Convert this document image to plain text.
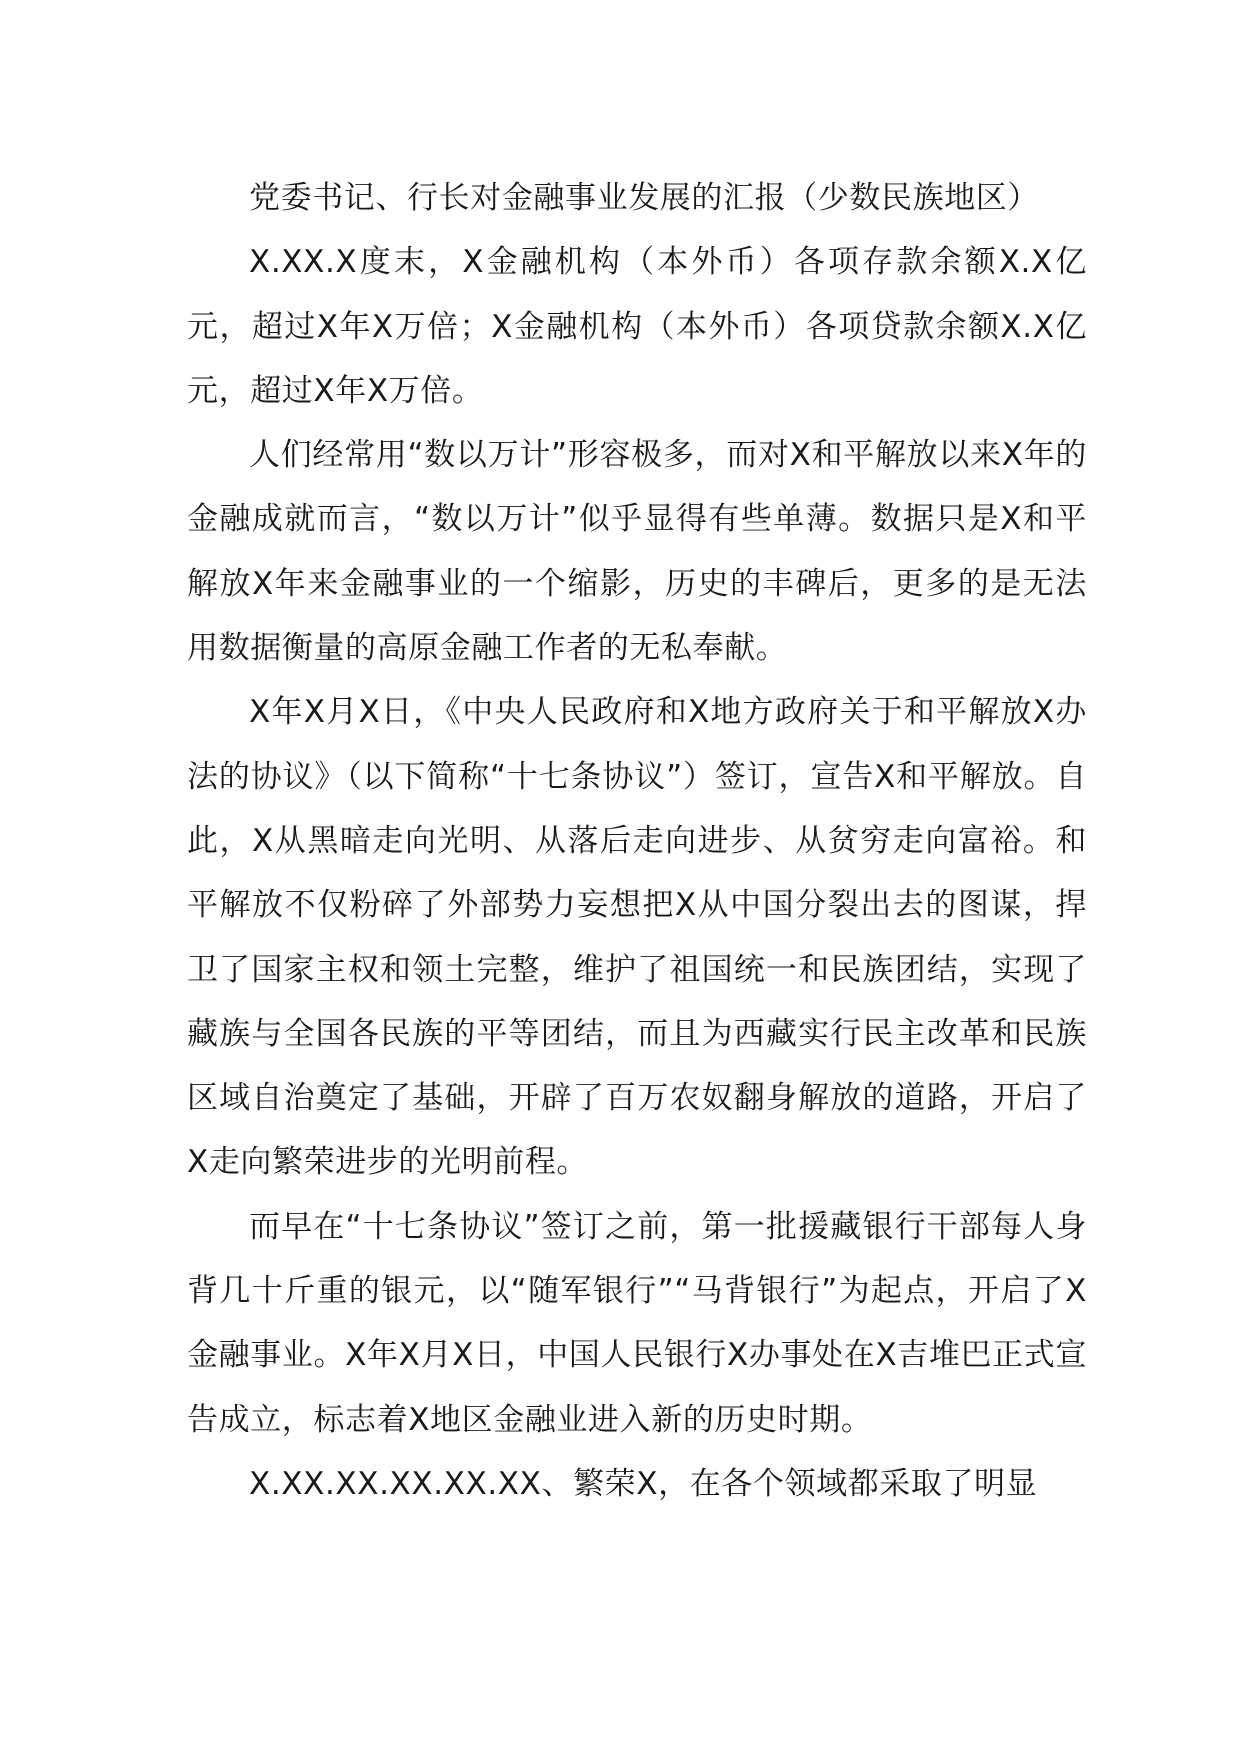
党委书记、行长对金融事业发展的汇报（少数民族地区）

X.XX.X度末，X金融机构（本外币）各项存款余额X.X亿元，超过X年X万倍；X金融机构（本外币）各项贷款余额X.X亿元，超过X年X万倍。

人们经常用“数以万计”形容极多，而对X和平解放以来X年的金融成就而言，“数以万计”似乎显得有些单薄。数据只是X和平解放X年来金融事业的一个缩影，历史的丰碑后，更多的是无法用数据衡量的高原金融工作者的无私奉献。

X年X月X日，《中央人民政府和X地方政府关于和平解放X办法的协议》（以下简称“十七条协议”）签订，宣告X和平解放。自此，X从黑暗走向光明、从落后走向进步、从贫穷走向富裕。和平解放不仅粉碎了外部势力妄想把X从中国分裂出去的图谋，捍卫了国家主权和领土完整，维护了祖国统一和民族团结，实现了藏族与全国各民族的平等团结，而且为西藏实行民主改革和民族区域自治奠定了基础，开辟了百万农奴翻身解放的道路，开启了X走向繁荣进步的光明前程。

而早在“十七条协议”签订之前，第一批援藏银行干部每人身背几十斤重的银元，以“随军银行”“马背银行”为起点，开启了X金融事业。X年X月X日，中国人民银行X办事处在X吉堆巴正式宣告成立，标志着X地区金融业进入新的历史时期。

X.XX.XX.XX.XX.XX、繁荣X，在各个领域都采取了明显
